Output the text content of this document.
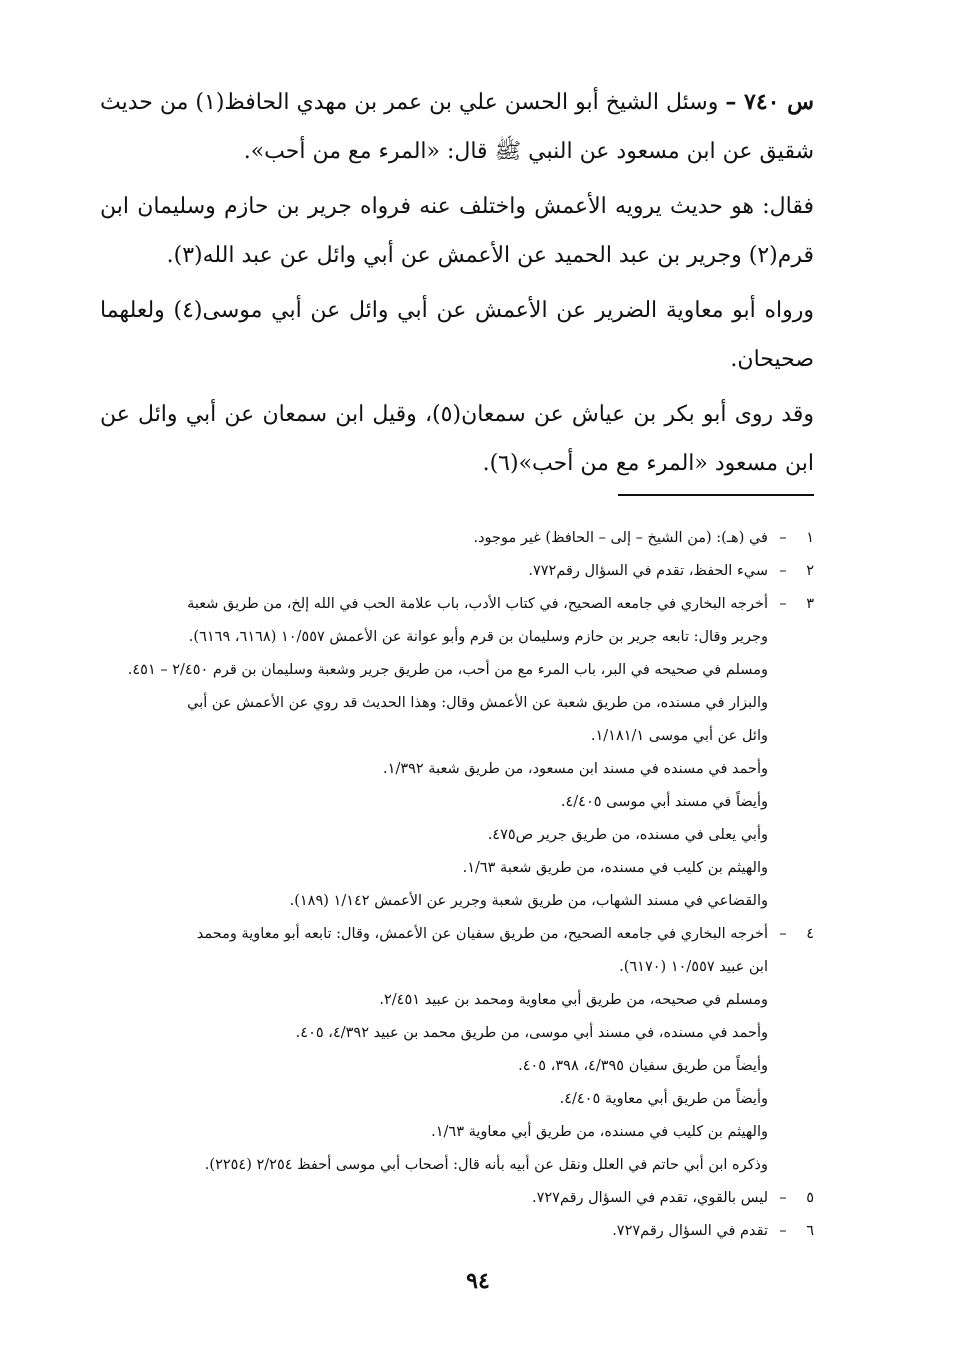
س ٧٤٠ – وسئل الشيخ أبو الحسن علي بن عمر بن مهدي الحافظ(١) من حديث شقيق عن ابن مسعود عن النبي ﷺ قال: «المرء مع من أحب».

فقال: هو حديث يرويه الأعمش واختلف عنه فرواه جرير بن حازم وسليمان ابن قرم(٢) وجرير بن عبد الحميد عن الأعمش عن أبي وائل عن عبد الله(٣).

ورواه أبو معاوية الضرير عن الأعمش عن أبي وائل عن أبي موسى(٤) ولعلهما صحيحان.

وقد روى أبو بكر بن عياش عن سمعان(٥)، وقيل ابن سمعان عن أبي وائل عن ابن مسعود «المرء مع من أحب»(٦).

١
–
في (هـ): (من الشيخ – إلى – الحافظ) غير موجود.
٢
–
سيء الحفظ، تقدم في السؤال رقم٧٧٢.
٣
–
أخرجه البخاري في جامعه الصحيح، في كتاب الأدب، باب علامة الحب في الله إلخ، من طريق شعبة
وجرير وقال: تابعه جرير بن حازم وسليمان بن قرم وأبو عوانة عن الأعمش ١٠/٥٥٧ (٦١٦٨، ٦١٦٩).
ومسلم في صحيحه في البر، باب المرء مع من أحب، من طريق جرير وشعبة وسليمان بن قرم ٢/٤٥٠ – ٤٥١.
والبزار في مسنده، من طريق شعبة عن الأعمش وقال: وهذا الحديث قد روي عن الأعمش عن أبي
وائل عن أبي موسى ١/١٨١/١.
وأحمد في مسنده في مسند ابن مسعود، من طريق شعبة ١/٣٩٢.
وأيضاً في مسند أبي موسى ٤/٤٠٥.
وأبي يعلى في مسنده، من طريق جرير ص٤٧٥.
والهيثم بن كليب في مسنده، من طريق شعبة ١/٦٣.
والقضاعي في مسند الشهاب، من طريق شعبة وجرير عن الأعمش ١/١٤٢ (١٨٩).
٤
–
أخرجه البخاري في جامعه الصحيح، من طريق سفيان عن الأعمش، وقال: تابعه أبو معاوية ومحمد
ابن عبيد ١٠/٥٥٧ (٦١٧٠).
ومسلم في صحيحه، من طريق أبي معاوية ومحمد بن عبيد ٢/٤٥١.
وأحمد في مسنده، في مسند أبي موسى، من طريق محمد بن عبيد ٤/٣٩٢، ٤٠٥.
وأيضاً من طريق سفيان ٤/٣٩٥، ٣٩٨، ٤٠٥.
وأيضاً من طريق أبي معاوية ٤/٤٠٥.
والهيثم بن كليب في مسنده، من طريق أبي معاوية ١/٦٣.
وذكره ابن أبي حاتم في العلل ونقل عن أبيه بأنه قال: أصحاب أبي موسى أحفظ ٢/٢٥٤ (٢٢٥٤).
٥
–
ليس بالقوي، تقدم في السؤال رقم٧٢٧.
٦
–
تقدم في السؤال رقم٧٢٧.
٩٤
